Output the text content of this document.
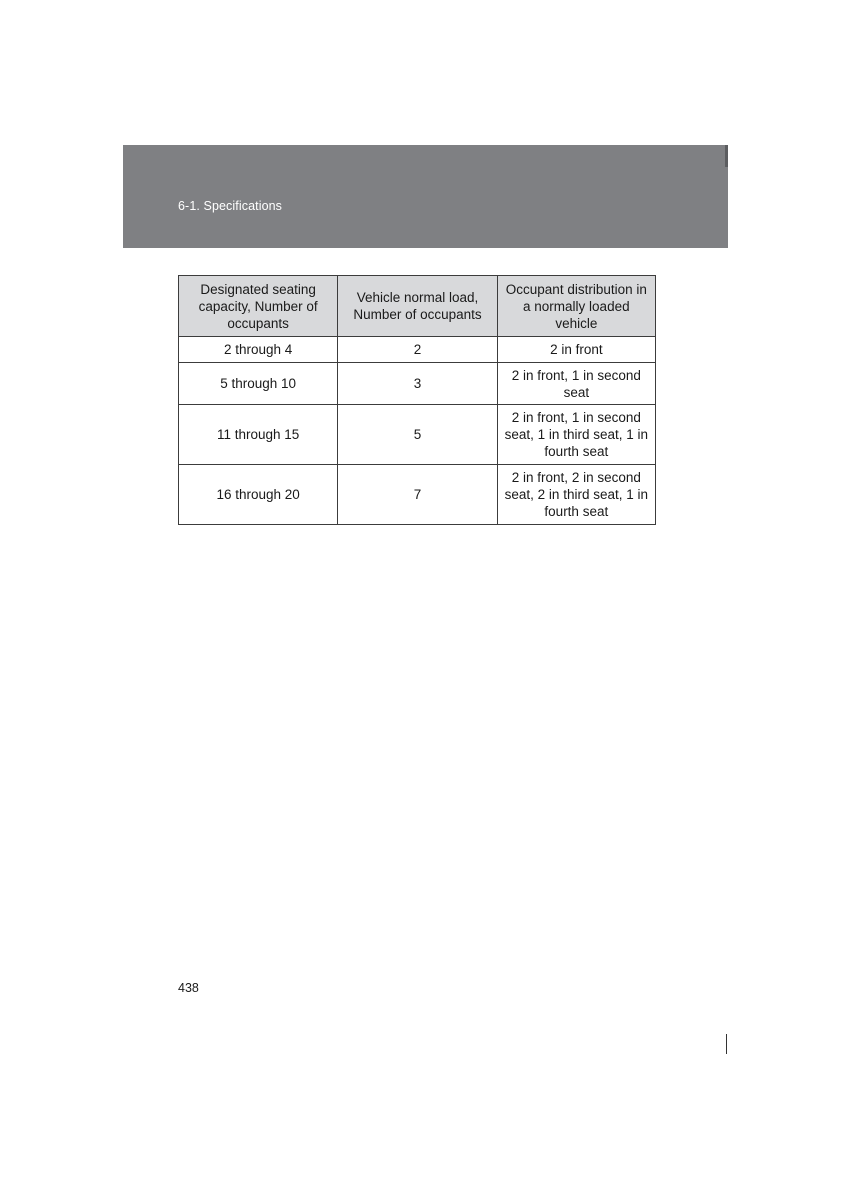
6-1. Specifications
Designated seating capacity, Number of occupants	Vehicle normal load, Number of occupants	Occupant distribution in a normally loaded vehicle
2 through 4	2	2 in front
5 through 10	3	2 in front, 1 in second seat
11 through 15	5	2 in front, 1 in second seat, 1 in third seat, 1 in fourth seat
16 through 20	7	2 in front, 2 in second seat, 2 in third seat, 1 in fourth seat
438
